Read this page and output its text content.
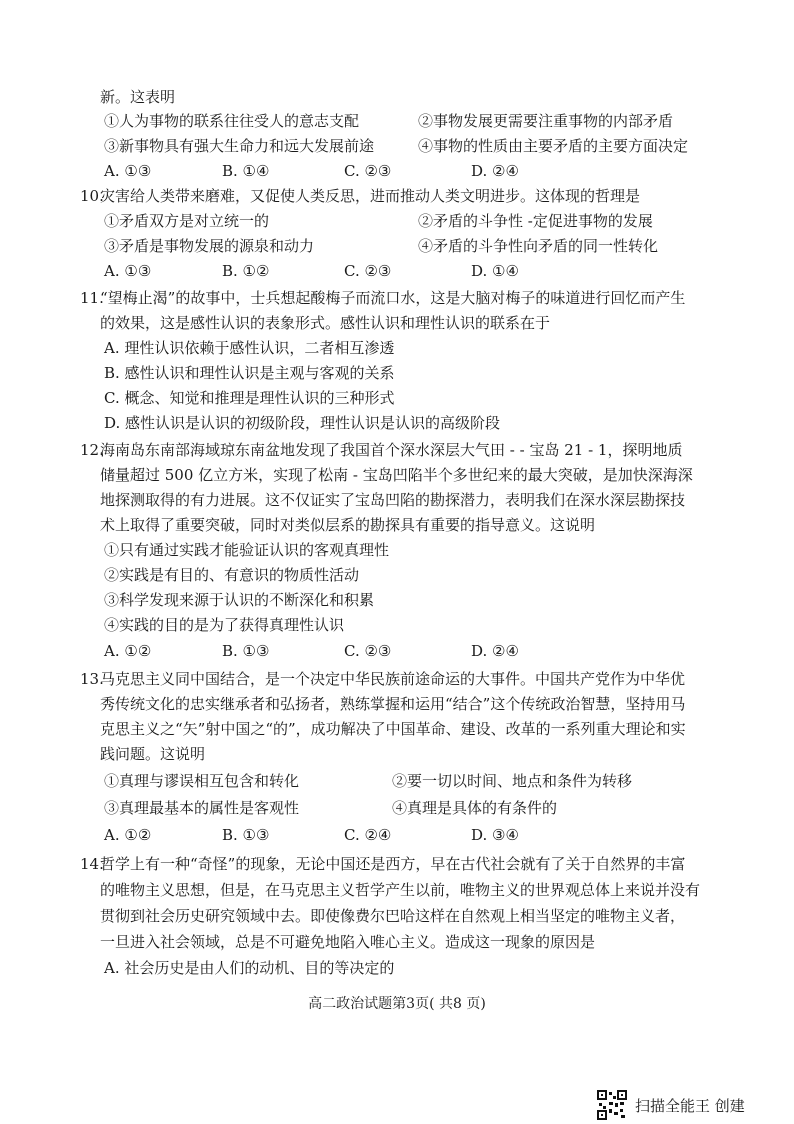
新。这表明
①人为事物的联系往往受人的意志支配	②事物发展更需要注重事物的内部矛盾
③新事物具有强大生命力和远大发展前途	④事物的性质由主要矛盾的主要方面决定
A. ①③	B. ①④	C. ②③	D. ②④
10.
灾害给人类带来磨难，又促使人类反思，进而推动人类文明进步。这体现的哲理是
①矛盾双方是对立统一的	②矛盾的斗争性 -定促进事物的发展
③矛盾是事物发展的源泉和动力	④矛盾的斗争性向矛盾的同一性转化
A. ①③	B. ①②	C. ②③	D. ①④
11.
“望梅止渴”的故事中，士兵想起酸梅子而流口水，这是大脑对梅子的味道进行回忆而产生
的效果，这是感性认识的表象形式。感性认识和理性认识的联系在于
A. 理性认识依赖于感性认识，二者相互渗透
B. 感性认识和理性认识是主观与客观的关系
C. 概念、知觉和推理是理性认识的三种形式
D. 感性认识是认识的初级阶段，理性认识是认识的高级阶段
12.
海南岛东南部海域琼东南盆地发现了我国首个深水深层大气田 - - 宝岛 21 - 1，探明地质
储量超过 500 亿立方米，实现了松南 - 宝岛凹陷半个多世纪来的最大突破，是加快深海深
地探测取得的有力进展。这不仅证实了宝岛凹陷的勘探潜力，表明我们在深水深层勘探技
术上取得了重要突破，同时对类似层系的勘探具有重要的指导意义。这说明
①只有通过实践才能验证认识的客观真理性
②实践是有目的、有意识的物质性活动
③科学发现来源于认识的不断深化和积累
④实践的目的是为了获得真理性认识
A. ①②	B. ①③	C. ②③	D. ②④
13.
马克思主义同中国结合，是一个决定中华民族前途命运的大事件。中国共产党作为中华优
秀传统文化的忠实继承者和弘扬者，熟练掌握和运用“结合”这个传统政治智慧，坚持用马
克思主义之“矢”射中国之“的”，成功解决了中国革命、建设、改革的一系列重大理论和实
践问题。这说明
①真理与谬误相互包含和转化	②要一切以时间、地点和条件为转移
③真理最基本的属性是客观性	④真理是具体的有条件的
A. ①②	B. ①③	C. ②④	D. ③④
14.
哲学上有一种“奇怪”的现象，无论中国还是西方，早在古代社会就有了关于自然界的丰富
的唯物主义思想，但是，在马克思主义哲学产生以前，唯物主义的世界观总体上来说并没有
贯彻到社会历史研究领域中去。即使像费尔巴哈这样在自然观上相当坚定的唯物主义者，
一旦进入社会领域，总是不可避免地陷入唯心主义。造成这一现象的原因是
A. 社会历史是由人们的动机、目的等决定的
高二政治试题第3页( 共8 页)
扫描全能王 创建
